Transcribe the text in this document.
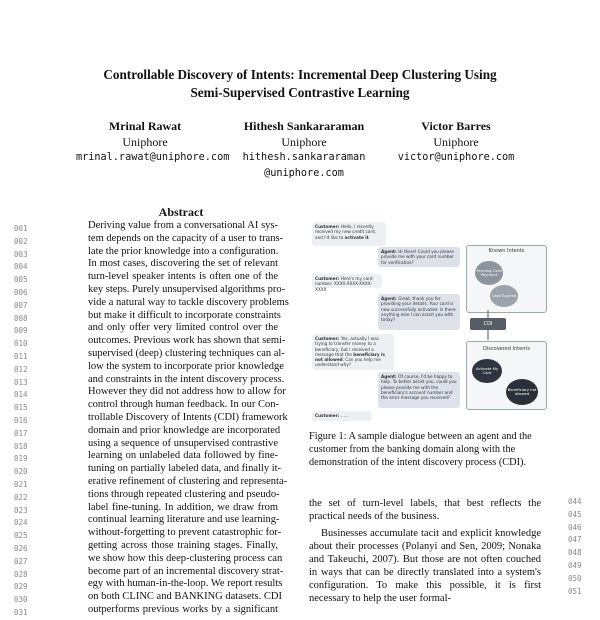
Controllable Discovery of Intents: Incremental Deep Clustering Using
Semi-Supervised Contrastive Learning
Mrinal Rawat
Uniphore
mrinal.rawat@uniphore.com
Hithesh Sankararaman
Uniphore
hithesh.sankararaman
@uniphore.com
Victor Barres
Uniphore
victor@uniphore.com
Abstract
001
002
003
004
005
006
007
008
009
010
011
012
013
014
015
016
017
018
019
020
021
022
023
024
025
026
027
028
029
030
031
Deriving value from a conversational AI sys-
tem depends on the capacity of a user to trans-
late the prior knowledge into a configuration.
In most cases, discovering the set of relevant
turn-level speaker intents is often one of the
key steps. Purely unsupervised algorithms pro-
vide a natural way to tackle discovery problems
but make it difficult to incorporate constraints
and only offer very limited control over the
outcomes. Previous work has shown that semi-
supervised (deep) clustering techniques can al-
low the system to incorporate prior knowledge
and constraints in the intent discovery process.
However they did not address how to allow for
control through human feedback. In our Con-
trollable Discovery of Intents (CDI) framework
domain and prior knowledge are incorporated
using a sequence of unsupervised contrastive
learning on unlabeled data followed by fine-
tuning on partially labeled data, and finally it-
erative refinement of clustering and representa-
tions through repeated clustering and pseudo-
label fine-tuning. In addition, we draw from
continual learning literature and use learning-
without-forgetting to prevent catastrophic for-
getting across those training stages. Finally,
we show how this deep-clustering process can
become part of an incremental discovery strat-
egy with human-in-the-loop. We report results
on both CLINC and BANKING datasets. CDI
outperforms previous works by a significant
044
045
046
047
048
049
050
051
Customer: Hello, I recently received my new credit card, and I'd like to activate it.
Agent: Hi there! Could you please provide me with your card number for verification?
Customer: Here's my card number: XXXX-XXXX-XXXX-XXXX
Agent: Great, thank you for providing your details. Your card is now successfully activated. Is there anything else I can assist you with today?
Customer: Yes, actually I was trying to transfer money to a beneficiary, but I received a message that the beneficiary is not allowed. Can you help me understand why?
Agent: Of course, I'd be happy to help. To better assist you, could you please provide me with the beneficiary's account number and the error message you received?
Customer: ......
Known Intents
Pending Card Payment
Card Expired
CDI
Discovered Intents
Activate My Card
Beneficiary not allowed
Figure 1: A sample dialogue between an agent and the customer from the banking domain along with the demonstration of the intent discovery process (CDI).

the set of turn-level labels, that best reflects the practical needs of the business.

Businesses accumulate tacit and explicit knowledge about their processes (Polanyi and Sen, 2009; Nonaka and Takeuchi, 2007). But those are not often couched in ways that can be directly translated into a system's configuration. To make this possible, it is first necessary to help the user formal-
